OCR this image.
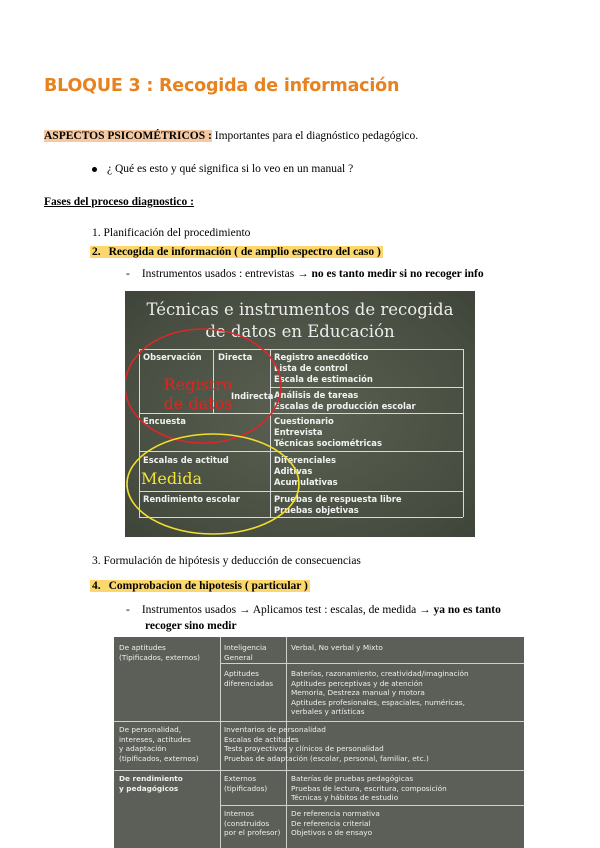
BLOQUE 3 : Recogida de información
ASPECTOS PSICOMÉTRICOS : Importantes para el diagnóstico pedagógico.
¿ Qué es esto y qué significa si lo veo en un manual ?
Fases del proceso diagnostico :
1. Planificación del procedimiento
2. Recogida de información ( de amplio espectro del caso )
- Instrumentos usados : entrevistas → no es tanto medir si no recoger info
Técnicas e instrumentos de recogida
de datos en Educación
Observación Directa
Indirecta
Encuesta
Escalas de actitud
Rendimiento escolar
Registro anecdótico
Lista de control
Escala de estimación
Análisis de tareas
Escalas de producción escolar
Cuestionario
Entrevista
Técnicas sociométricas
Diferenciales
Aditivas
Acumulativas
Pruebas de respuesta libre
Pruebas objetivas
Registro
de datos
Medida
3. Formulación de hipótesis y deducción de consecuencias
4. Comprobacion de hipotesis ( particular )
- Instrumentos usados → Aplicamos test : escalas, de medida → ya no es tanto
recoger sino medir
De aptitudes
(Tipificados, externos)
Inteligencia
General
Verbal, No verbal y Mixto
Aptitudes
diferenciadas
Baterías, razonamiento, creatividad/imaginación
Aptitudes perceptivas y de atención
Memoria, Destreza manual y motora
Aptitudes profesionales, espaciales, numéricas,
verbales y artísticas
De personalidad,
intereses, actitudes
y adaptación
(tipificados, externos)
Inventarios de personalidad
Escalas de actitudes
Tests proyectivos y clínicos de personalidad
Pruebas de adaptación (escolar, personal, familiar, etc.)
De rendimiento
y pedagógicos
Externos
(tipificados)
Baterías de pruebas pedagógicas
Pruebas de lectura, escritura, composición
Técnicas y hábitos de estudio
Internos
(construidos
por el profesor)
De referencia normativa
De referencia criterial
Objetivos o de ensayo
